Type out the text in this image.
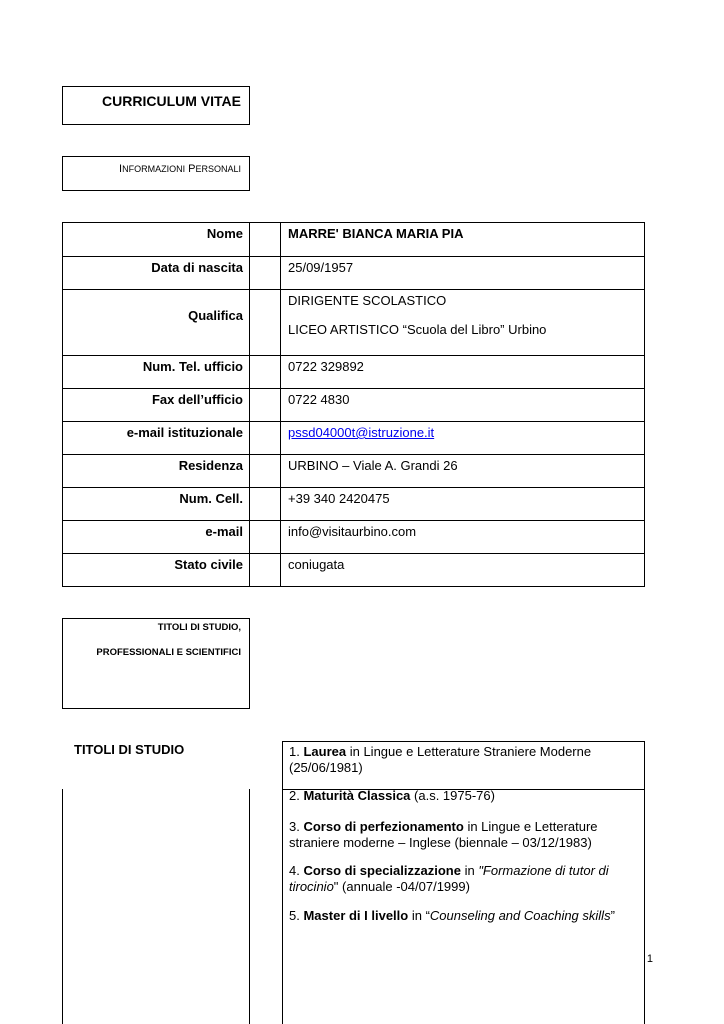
CURRICULUM VITAE
INFORMAZIONI PERSONALI
Nome		MARRE' BIANCA MARIA PIA
Data di nascita		25/09/1957
Qualifica		DIRIGENTE SCOLASTICO
LICEO ARTISTICO “Scuola del Libro” Urbino

Num. Tel. ufficio		0722 329892
Fax dell’ufficio		0722 4830
e-mail istituzionale		pssd04000t@istruzione.it
Residenza		URBINO – Viale A. Grandi 26
Num. Cell.		+39 340 2420475
e-mail		info@visitaurbino.com
Stato civile		coniugata
TITOLI DI STUDIO,
PROFESSIONALI E SCIENTIFICI
TITOLI DI STUDIO	1. Laurea in Lingue e Letterature Straniere Moderne (25/06/1981)
2. Maturità Classica (a.s. 1975-76)
3. Corso di perfezionamento in Lingue e Letterature straniere moderne – Inglese (biennale – 03/12/1983)
4. Corso di specializzazione in "Formazione di tutor di tirocinio" (annuale -04/07/1999)
5. Master di I livello in “Counseling and Coaching skills”
1
